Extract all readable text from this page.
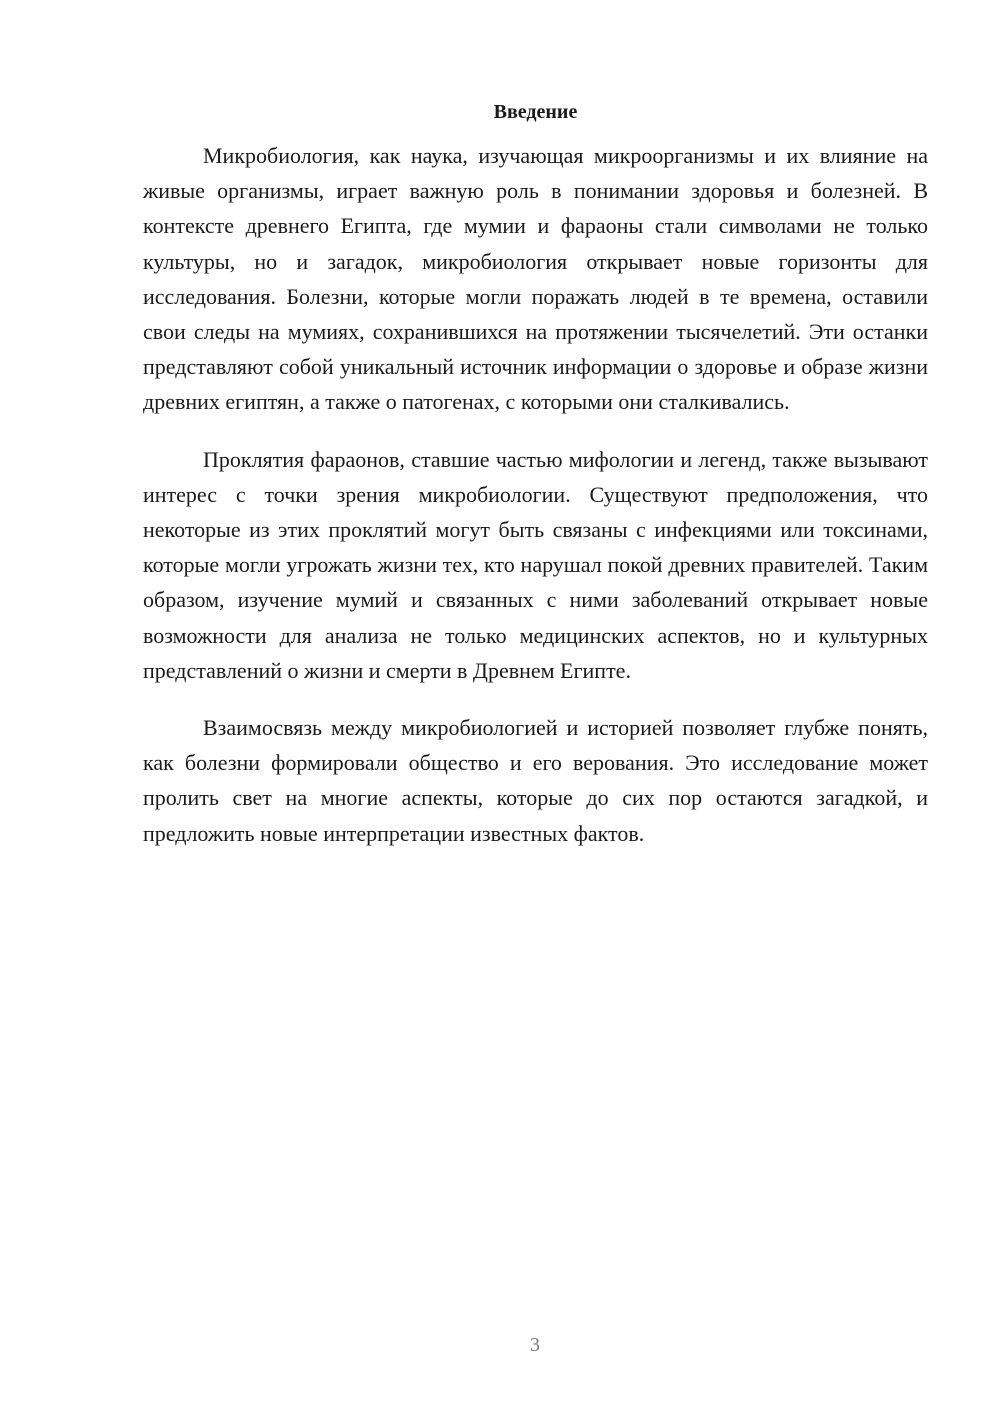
Введение

Микробиология, как наука, изучающая микроорганизмы и их влияние на живые организмы, играет важную роль в понимании здоровья и болезней. В контексте древнего Египта, где мумии и фараоны стали символами не только культуры, но и загадок, микробиология открывает новые горизонты для исследования. Болезни, которые могли поражать людей в те времена, оставили свои следы на мумиях, сохранившихся на протяжении тысячелетий. Эти останки представляют собой уникальный источник информации о здоровье и образе жизни древних египтян, а также о патогенах, с которыми они сталкивались.

Проклятия фараонов, ставшие частью мифологии и легенд, также вызывают интерес с точки зрения микробиологии. Существуют предположения, что некоторые из этих проклятий могут быть связаны с инфекциями или токсинами, которые могли угрожать жизни тех, кто нарушал покой древних правителей. Таким образом, изучение мумий и связанных с ними заболеваний открывает новые возможности для анализа не только медицинских аспектов, но и культурных представлений о жизни и смерти в Древнем Египте.

Взаимосвязь между микробиологией и историей позволяет глубже понять, как болезни формировали общество и его верования. Это исследование может пролить свет на многие аспекты, которые до сих пор остаются загадкой, и предложить новые интерпретации известных фактов.

3
